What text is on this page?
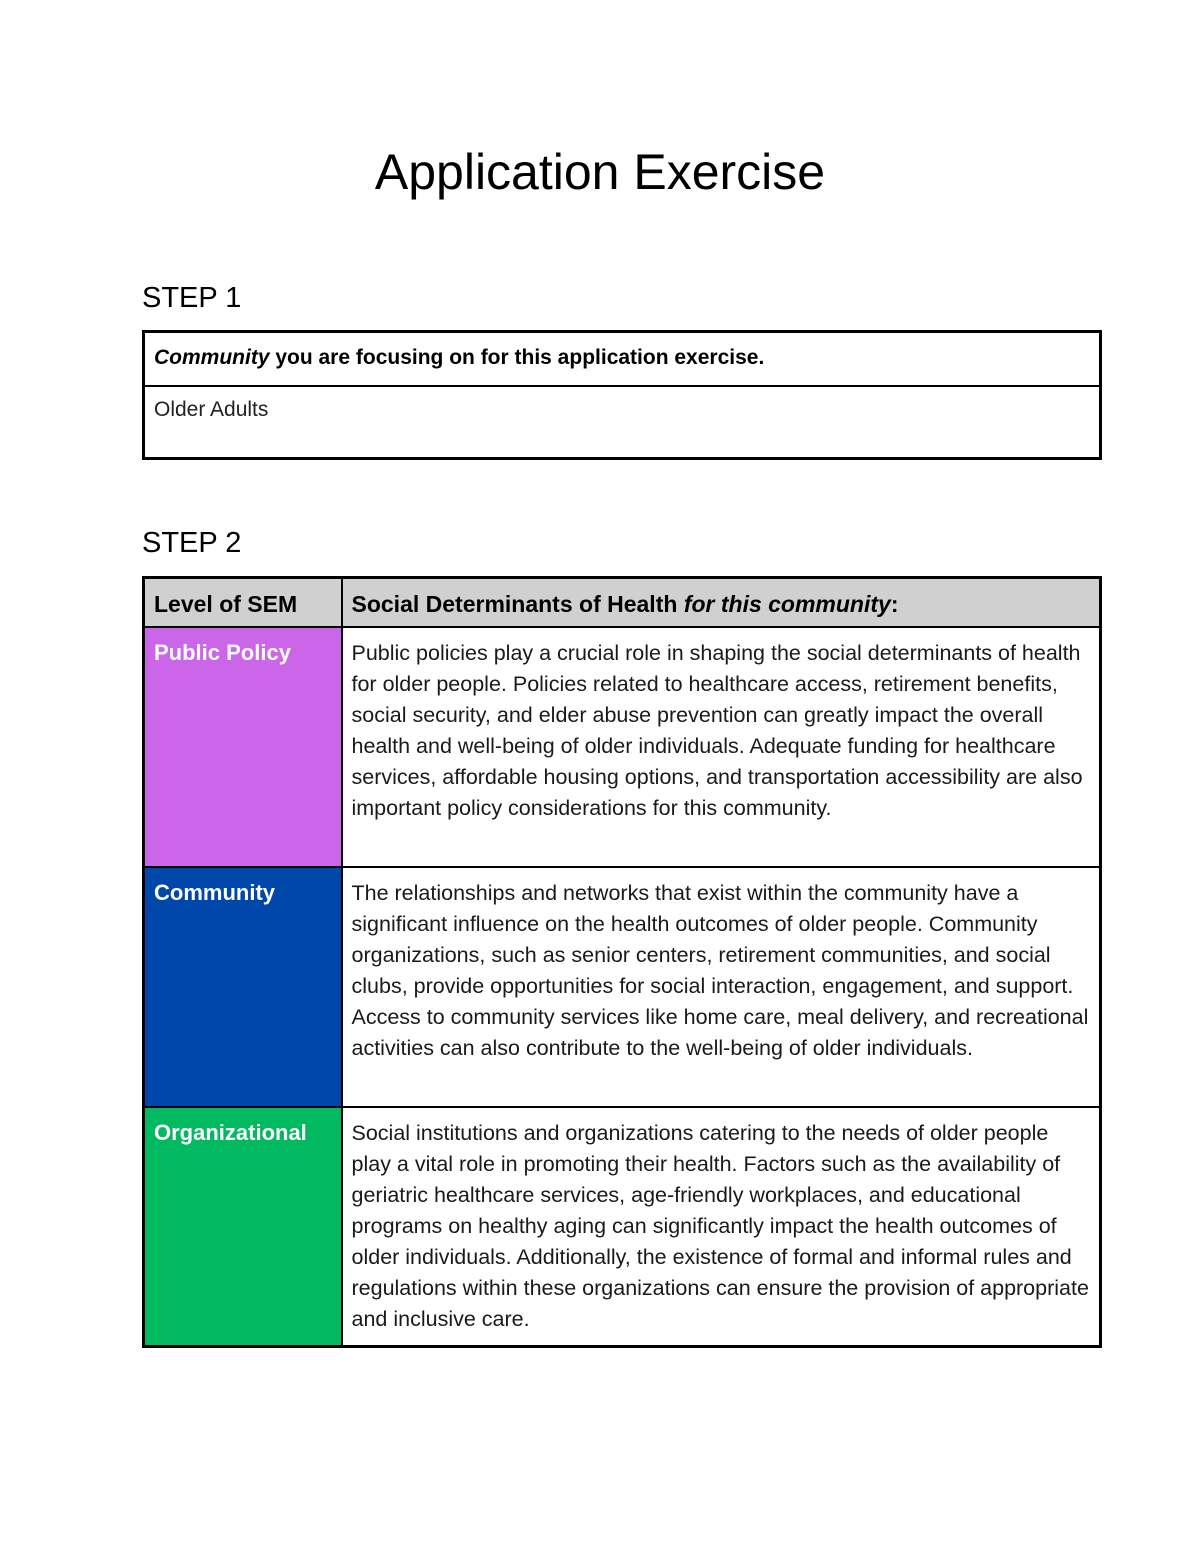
Application Exercise
STEP 1
Community you are focusing on for this application exercise.
Older Adults
STEP 2
Level of SEM	Social Determinants of Health for this community:
Public Policy	Public policies play a crucial role in shaping the social determinants of health for older people. Policies related to healthcare access, retirement benefits, social security, and elder abuse prevention can greatly impact the overall health and well-being of older individuals. Adequate funding for healthcare services, affordable housing options, and transportation accessibility are also important policy considerations for this community.
Community	The relationships and networks that exist within the community have a significant influence on the health outcomes of older people. Community organizations, such as senior centers, retirement communities, and social clubs, provide opportunities for social interaction, engagement, and support. Access to community services like home care, meal delivery, and recreational activities can also contribute to the well-being of older individuals.
Organizational	Social institutions and organizations catering to the needs of older people play a vital role in promoting their health. Factors such as the availability of geriatric healthcare services, age-friendly workplaces, and educational programs on healthy aging can significantly impact the health outcomes of older individuals. Additionally, the existence of formal and informal rules and regulations within these organizations can ensure the provision of appropriate and inclusive care.
